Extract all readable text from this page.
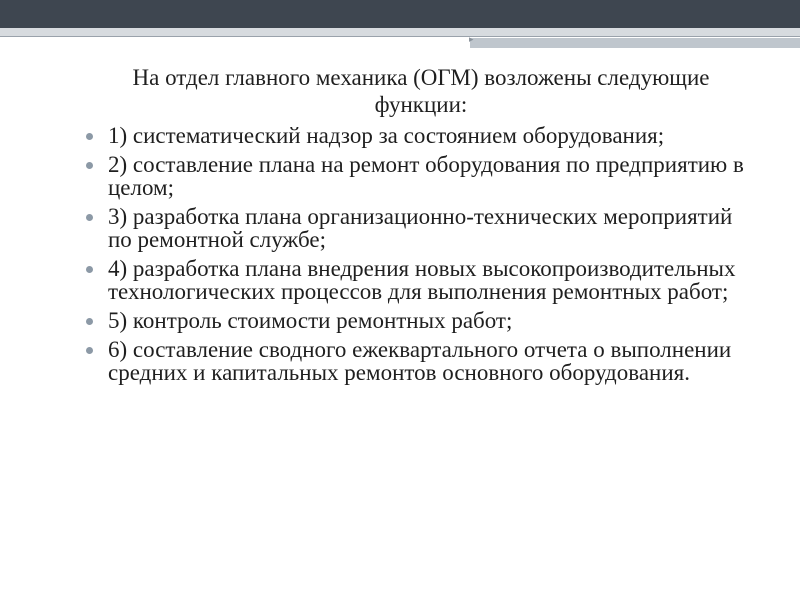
▸

На отдел главного механика (ОГМ) возложены следующие функции:

1) систематический надзор за состоянием оборудования;
2) составление плана на ремонт оборудования по предприятию в целом;
3) разработка плана организационно-технических мероприятий по ремонтной службе;
4) разработка плана внедрения новых высокопроизводительных технологических процессов для выполнения ремонтных работ;
5) контроль стоимости ремонтных работ;
6) составление сводного ежеквартального отчета о выполнении средних и капитальных ремонтов основного оборудования.
